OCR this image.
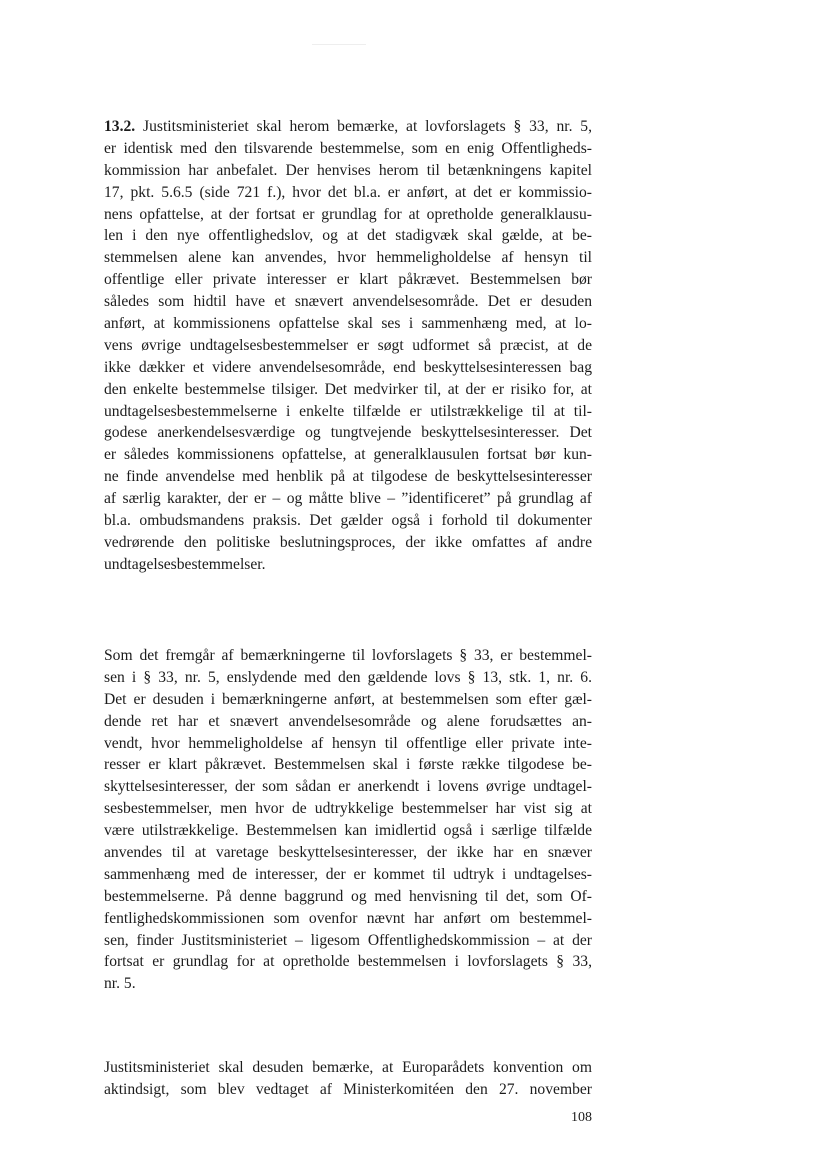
13.2. Justitsministeriet skal herom bemærke, at lovforslagets § 33, nr. 5,
er identisk med den tilsvarende bestemmelse, som en enig Offentligheds-
kommission har anbefalet. Der henvises herom til betænkningens kapitel
17, pkt. 5.6.5 (side 721 f.), hvor det bl.a. er anført, at det er kommissio-
nens opfattelse, at der fortsat er grundlag for at opretholde generalklausu-
len i den nye offentlighedslov, og at det stadigvæk skal gælde, at be-
stemmelsen alene kan anvendes, hvor hemmeligholdelse af hensyn til
offentlige eller private interesser er klart påkrævet. Bestemmelsen bør
således som hidtil have et snævert anvendelsesområde. Det er desuden
anført, at kommissionens opfattelse skal ses i sammenhæng med, at lo-
vens øvrige undtagelsesbestemmelser er søgt udformet så præcist, at de
ikke dækker et videre anvendelsesområde, end beskyttelsesinteressen bag
den enkelte bestemmelse tilsiger. Det medvirker til, at der er risiko for, at
undtagelsesbestemmelserne i enkelte tilfælde er utilstrækkelige til at til-
godese anerkendelsesværdige og tungtvejende beskyttelsesinteresser. Det
er således kommissionens opfattelse, at generalklausulen fortsat bør kun-
ne finde anvendelse med henblik på at tilgodese de beskyttelsesinteresser
af særlig karakter, der er – og måtte blive – ”identificeret” på grundlag af
bl.a. ombudsmandens praksis. Det gælder også i forhold til dokumenter
vedrørende den politiske beslutningsproces, der ikke omfattes af andre
undtagelsesbestemmelser.
Som det fremgår af bemærkningerne til lovforslagets § 33, er bestemmel-
sen i § 33, nr. 5, enslydende med den gældende lovs § 13, stk. 1, nr. 6.
Det er desuden i bemærkningerne anført, at bestemmelsen som efter gæl-
dende ret har et snævert anvendelsesområde og alene forudsættes an-
vendt, hvor hemmeligholdelse af hensyn til offentlige eller private inte-
resser er klart påkrævet. Bestemmelsen skal i første række tilgodese be-
skyttelsesinteresser, der som sådan er anerkendt i lovens øvrige undtagel-
sesbestemmelser, men hvor de udtrykkelige bestemmelser har vist sig at
være utilstrækkelige. Bestemmelsen kan imidlertid også i særlige tilfælde
anvendes til at varetage beskyttelsesinteresser, der ikke har en snæver
sammenhæng med de interesser, der er kommet til udtryk i undtagelses-
bestemmelserne. På denne baggrund og med henvisning til det, som Of-
fentlighedskommissionen som ovenfor nævnt har anført om bestemmel-
sen, finder Justitsministeriet – ligesom Offentlighedskommission – at der
fortsat er grundlag for at opretholde bestemmelsen i lovforslagets § 33,
nr. 5.
Justitsministeriet skal desuden bemærke, at Europarådets konvention om
aktindsigt, som blev vedtaget af Ministerkomitéen den 27. november
108
